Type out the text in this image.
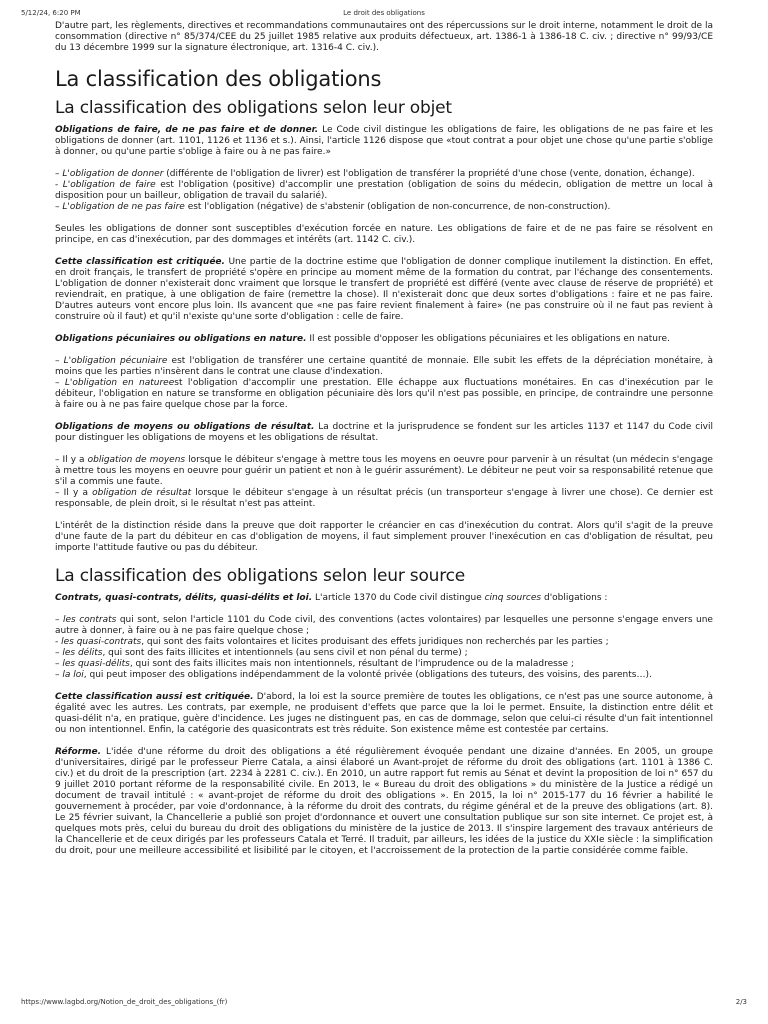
5/12/24, 6:20 PM	Le droit des obligations

D'autre part, les règlements, directives et recommandations communautaires ont des répercussions sur le droit interne, notamment le droit de la consommation (directive n° 85/374/CEE du 25 juillet 1985 relative aux produits défectueux, art. 1386-1 à 1386-18 C. civ. ; directive n° 99/93/CE du 13 décembre 1999 sur la signature électronique, art. 1316-4 C. civ.).

La classification des obligations
La classification des obligations selon leur objet

Obligations de faire, de ne pas faire et de donner. Le Code civil distingue les obligations de faire, les obligations de ne pas faire et les obligations de donner (art. 1101, 1126 et 1136 et s.). Ainsi, l'article 1126 dispose que «tout contrat a pour objet une chose qu'une partie s'oblige à donner, ou qu'une partie s'oblige à faire ou à ne pas faire.»

– L'obligation de donner (différente de l'obligation de livrer) est l'obligation de transférer la propriété d'une chose (vente, donation, échange).

- L'obligation de faire est l'obligation (positive) d'accomplir une prestation (obligation de soins du médecin, obligation de mettre un local à disposition pour un bailleur, obligation de travail du salarié).

– L'obligation de ne pas faire est l'obligation (négative) de s'abstenir (obligation de non-concurrence, de non-construction).

Seules les obligations de donner sont susceptibles d'exécution forcée en nature. Les obligations de faire et de ne pas faire se résolvent en principe, en cas d'inexécution, par des dommages et intérêts (art. 1142 C. civ.).

Cette classification est critiquée. Une partie de la doctrine estime que l'obligation de donner complique inutilement la distinction. En effet, en droit français, le transfert de propriété s'opère en principe au moment même de la formation du contrat, par l'échange des consentements. L'obligation de donner n'existerait donc vraiment que lorsque le transfert de propriété est différé (vente avec clause de réserve de propriété) et reviendrait, en pratique, à une obligation de faire (remettre la chose). Il n'existerait donc que deux sortes d'obligations : faire et ne pas faire. D'autres auteurs vont encore plus loin. Ils avancent que «ne pas faire revient finalement à faire» (ne pas construire où il ne faut pas revient à construire où il faut) et qu'il n'existe qu'une sorte d'obligation : celle de faire.

Obligations pécuniaires ou obligations en nature. Il est possible d'opposer les obligations pécuniaires et les obligations en nature.

– L'obligation pécuniaire est l'obligation de transférer une certaine quantité de monnaie. Elle subit les effets de la dépréciation monétaire, à moins que les parties n'insèrent dans le contrat une clause d'indexation.

– L'obligation en natureest l'obligation d'accomplir une prestation. Elle échappe aux fluctuations monétaires. En cas d'inexécution par le débiteur, l'obligation en nature se transforme en obligation pécuniaire dès lors qu'il n'est pas possible, en principe, de contraindre une personne à faire ou à ne pas faire quelque chose par la force.

Obligations de moyens ou obligations de résultat. La doctrine et la jurisprudence se fondent sur les articles 1137 et 1147 du Code civil pour distinguer les obligations de moyens et les obligations de résultat.

– Il y a obligation de moyens lorsque le débiteur s'engage à mettre tous les moyens en oeuvre pour parvenir à un résultat (un médecin s'engage à mettre tous les moyens en oeuvre pour guérir un patient et non à le guérir assurément). Le débiteur ne peut voir sa responsabilité retenue que s'il a commis une faute.

– Il y a obligation de résultat lorsque le débiteur s'engage à un résultat précis (un transporteur s'engage à livrer une chose). Ce dernier est responsable, de plein droit, si le résultat n'est pas atteint.

L'intérêt de la distinction réside dans la preuve que doit rapporter le créancier en cas d'inexécution du contrat. Alors qu'il s'agit de la preuve d'une faute de la part du débiteur en cas d'obligation de moyens, il faut simplement prouver l'inexécution en cas d'obligation de résultat, peu importe l'attitude fautive ou pas du débiteur.

La classification des obligations selon leur source

Contrats, quasi-contrats, délits, quasi-délits et loi. L'article 1370 du Code civil distingue cinq sources d'obligations :

– les contrats qui sont, selon l'article 1101 du Code civil, des conventions (actes volontaires) par lesquelles une personne s'engage envers une autre à donner, à faire ou à ne pas faire quelque chose ;

- les quasi-contrats, qui sont des faits volontaires et licites produisant des effets juridiques non recherchés par les parties ;

– les délits, qui sont des faits illicites et intentionnels (au sens civil et non pénal du terme) ;

– les quasi-délits, qui sont des faits illicites mais non intentionnels, résultant de l'imprudence ou de la maladresse ;

– la loi, qui peut imposer des obligations indépendamment de la volonté privée (obligations des tuteurs, des voisins, des parents…).

Cette classification aussi est critiquée. D'abord, la loi est la source première de toutes les obligations, ce n'est pas une source autonome, à égalité avec les autres. Les contrats, par exemple, ne produisent d'effets que parce que la loi le permet. Ensuite, la distinction entre délit et quasi-délit n'a, en pratique, guère d'incidence. Les juges ne distinguent pas, en cas de dommage, selon que celui-ci résulte d'un fait intentionnel ou non intentionnel. Enfin, la catégorie des quasicontrats est très réduite. Son existence même est contestée par certains.

Réforme. L'idée d'une réforme du droit des obligations a été régulièrement évoquée pendant une dizaine d'années. En 2005, un groupe d'universitaires, dirigé par le professeur Pierre Catala, a ainsi élaboré un Avant-projet de réforme du droit des obligations (art. 1101 à 1386 C. civ.) et du droit de la prescription (art. 2234 à 2281 C. civ.). En 2010, un autre rapport fut remis au Sénat et devint la proposition de loi n° 657 du 9 juillet 2010 portant réforme de la responsabilité civile. En 2013, le « Bureau du droit des obligations » du ministère de la Justice a rédigé un document de travail intitulé : « avant-projet de réforme du droit des obligations ». En 2015, la loi n° 2015-177 du 16 février a habilité le gouvernement à procéder, par voie d'ordonnance, à la réforme du droit des contrats, du régime général et de la preuve des obligations (art. 8). Le 25 février suivant, la Chancellerie a publié son projet d'ordonnance et ouvert une consultation publique sur son site internet. Ce projet est, à quelques mots près, celui du bureau du droit des obligations du ministère de la justice de 2013. Il s'inspire largement des travaux antérieurs de la Chancellerie et de ceux dirigés par les professeurs Catala et Terré. Il traduit, par ailleurs, les idées de la justice du XXIe siècle : la simplification du droit, pour une meilleure accessibilité et lisibilité par le citoyen, et l'accroissement de la protection de la partie considérée comme faible.

https://www.lagbd.org/Notion_de_droit_des_obligations_(fr)	2/3
